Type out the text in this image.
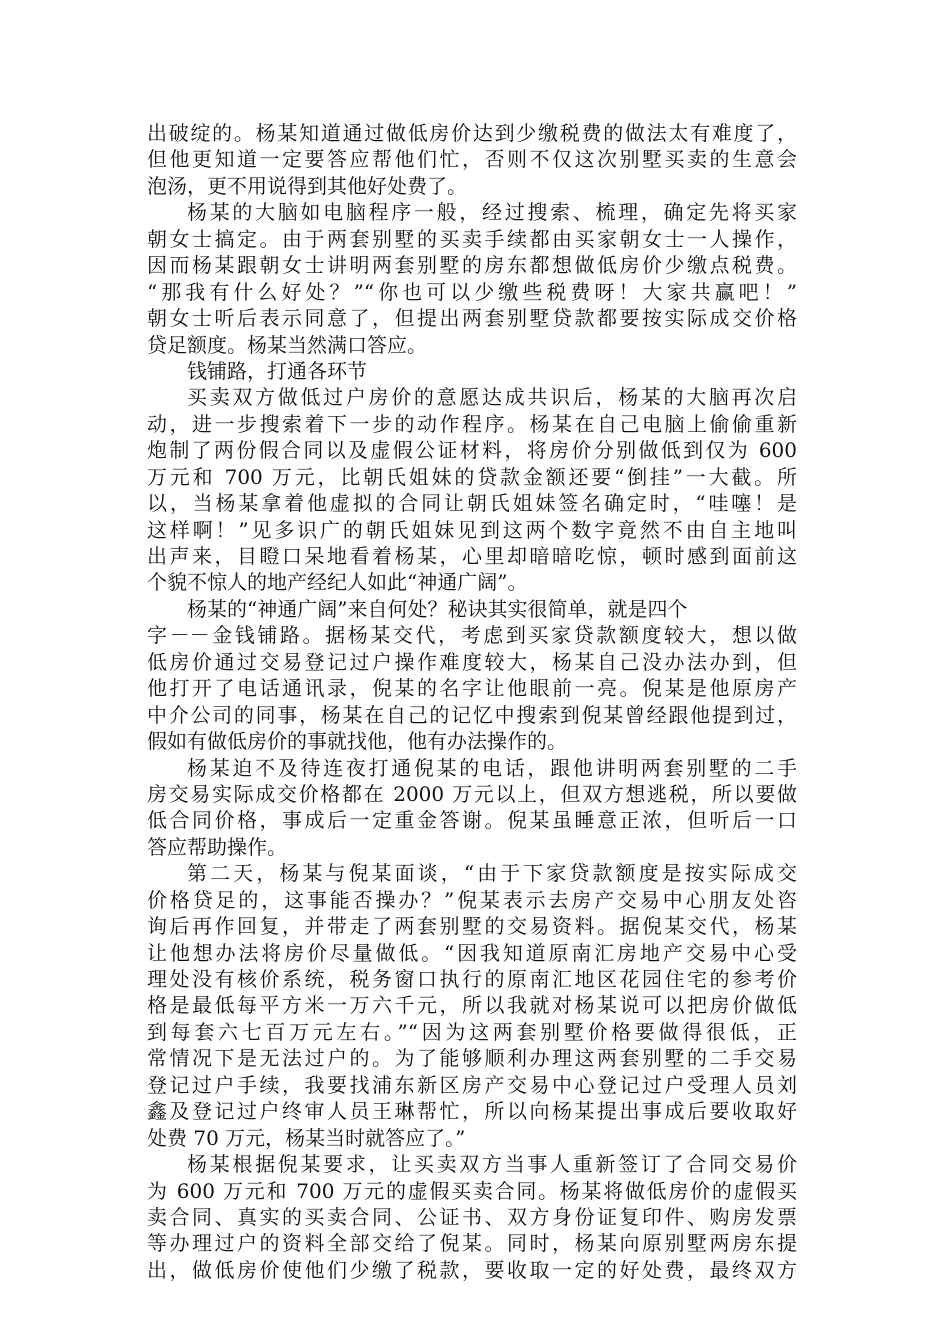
出破绽的。杨某知道通过做低房价达到少缴税费的做法太有难度了，
但他更知道一定要答应帮他们忙，否则不仅这次别墅买卖的生意会
泡汤，更不用说得到其他好处费了。
杨某的大脑如电脑程序一般，经过搜索、梳理，确定先将买家
朝女士搞定。由于两套别墅的买卖手续都由买家朝女士一人操作，
因而杨某跟朝女士讲明两套别墅的房东都想做低房价少缴点税费。
“那我有什么好处？”“你也可以少缴些税费呀！大家共赢吧！”
朝女士听后表示同意了，但提出两套别墅贷款都要按实际成交价格
贷足额度。杨某当然满口答应。
钱铺路，打通各环节
买卖双方做低过户房价的意愿达成共识后，杨某的大脑再次启
动，进一步搜索着下一步的动作程序。杨某在自己电脑上偷偷重新
炮制了两份假合同以及虚假公证材料，将房价分别做低到仅为 600
万元和 700 万元，比朝氏姐妹的贷款金额还要“倒挂”一大截。所
以，当杨某拿着他虚拟的合同让朝氏姐妹签名确定时，“哇噻！是
这样啊！”见多识广的朝氏姐妹见到这两个数字竟然不由自主地叫
出声来，目瞪口呆地看着杨某，心里却暗暗吃惊，顿时感到面前这
个貌不惊人的地产经纪人如此“神通广阔”。
杨某的“神通广阔”来自何处？秘诀其实很简单，就是四个
字－－金钱铺路。据杨某交代，考虑到买家贷款额度较大，想以做
低房价通过交易登记过户操作难度较大，杨某自己没办法办到，但
他打开了电话通讯录，倪某的名字让他眼前一亮。倪某是他原房产
中介公司的同事，杨某在自己的记忆中搜索到倪某曾经跟他提到过，
假如有做低房价的事就找他，他有办法操作的。
杨某迫不及待连夜打通倪某的电话，跟他讲明两套别墅的二手
房交易实际成交价格都在 2000 万元以上，但双方想逃税，所以要做
低合同价格，事成后一定重金答谢。倪某虽睡意正浓，但听后一口
答应帮助操作。
第二天，杨某与倪某面谈，“由于下家贷款额度是按实际成交
价格贷足的，这事能否操办？”倪某表示去房产交易中心朋友处咨
询后再作回复，并带走了两套别墅的交易资料。据倪某交代，杨某
让他想办法将房价尽量做低。“因我知道原南汇房地产交易中心受
理处没有核价系统，税务窗口执行的原南汇地区花园住宅的参考价
格是最低每平方米一万六千元，所以我就对杨某说可以把房价做低
到每套六七百万元左右。”“因为这两套别墅价格要做得很低，正
常情况下是无法过户的。为了能够顺利办理这两套别墅的二手交易
登记过户手续，我要找浦东新区房产交易中心登记过户受理人员刘
鑫及登记过户终审人员王琳帮忙，所以向杨某提出事成后要收取好
处费 70 万元，杨某当时就答应了。”
杨某根据倪某要求，让买卖双方当事人重新签订了合同交易价
为 600 万元和 700 万元的虚假买卖合同。杨某将做低房价的虚假买
卖合同、真实的买卖合同、公证书、双方身份证复印件、购房发票
等办理过户的资料全部交给了倪某。同时，杨某向原别墅两房东提
出，做低房价使他们少缴了税款，要收取一定的好处费，最终双方
